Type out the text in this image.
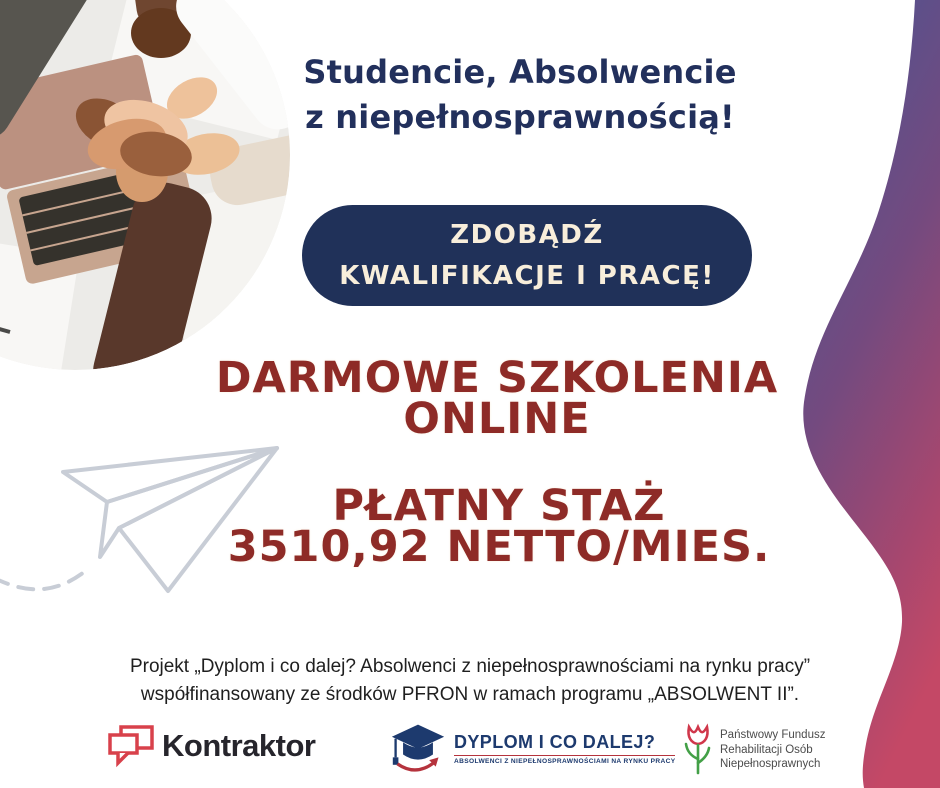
Studencie, Absolwencie
z niepełnosprawnością!
ZDOBĄDŹ
KWALIFIKACJE I PRACĘ!
DARMOWE SZKOLENIA
ONLINE
PŁATNY STAŻ
3510,92 NETTO/MIES.
Projekt „Dyplom i co dalej? Absolwenci z niepełnosprawnościami na rynku pracy”
współfinansowany ze środków PFRON w ramach programu „ABSOLWENT II”.
Kontraktor	DYPLOM I CO DALEJ?
ABSOLWENCI Z NIEPEŁNOSPRAWNOŚCIAMI NA RYNKU PRACY
Państwowy Fundusz
Rehabilitacji Osób
Niepełnosprawnych
